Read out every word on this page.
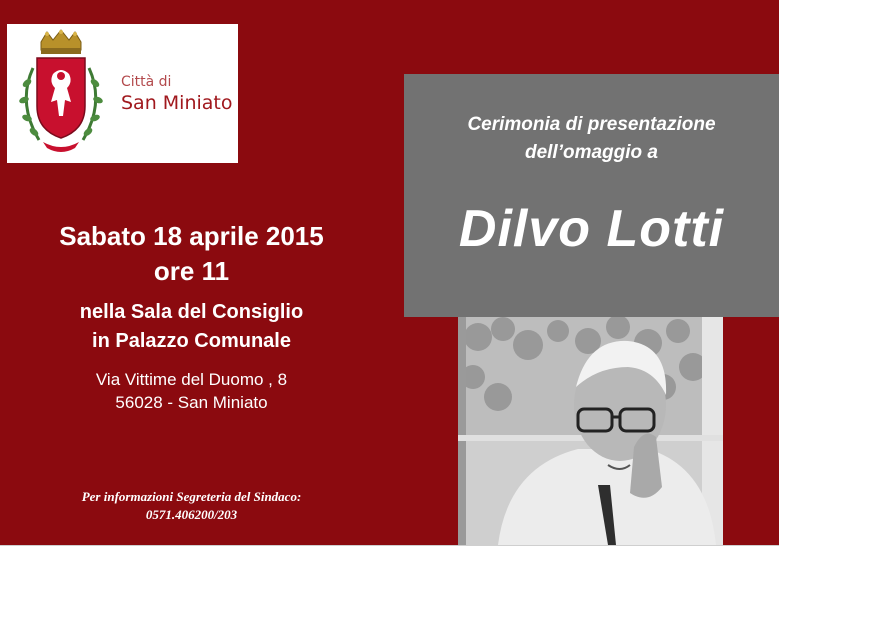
Città di
San Miniato
Sabato 18 aprile 2015
ore 11
nella Sala del Consiglio
in Palazzo Comunale
Via Vittime del Duomo , 8
56028 - San Miniato
Per informazioni Segreteria del Sindaco:
0571.406200/203
Cerimonia di presentazione
dell’omaggio a
Dilvo Lotti
